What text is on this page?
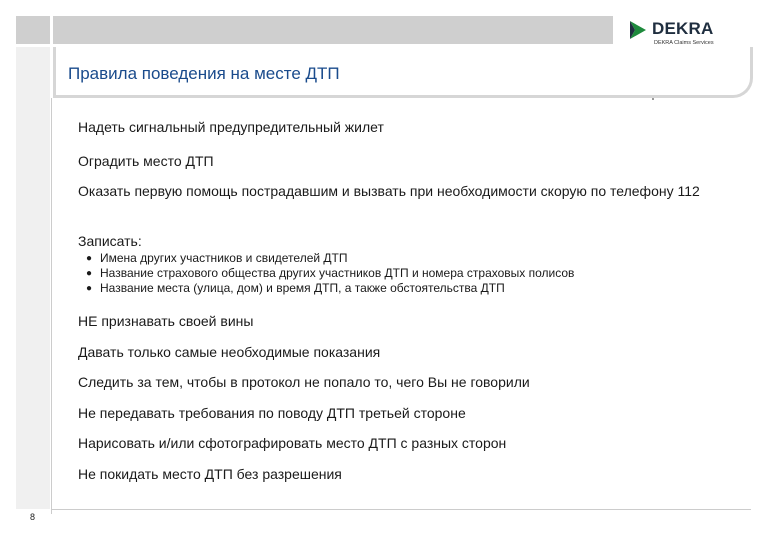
DEKRA
DEKRA Claims Services
Правила поведения на месте ДТП
8
Надеть сигнальный предупредительный жилет
Оградить место ДТП
Оказать первую помощь пострадавшим и вызвать при необходимости скорую по телефону 112
Записать:
● Имена других участников и свидетелей ДТП
● Название страхового общества других участников ДТП и номера страховых полисов
● Название места (улица, дом) и время ДТП, а также обстоятельства ДТП
НЕ признавать своей вины
Давать только самые необходимые показания
Следить за тем, чтобы в протокол не попало то, чего Вы не говорили
Не передавать требования по поводу ДТП третьей стороне
Нарисовать и/или сфотографировать место ДТП с разных сторон
Не покидать место ДТП без разрешения
